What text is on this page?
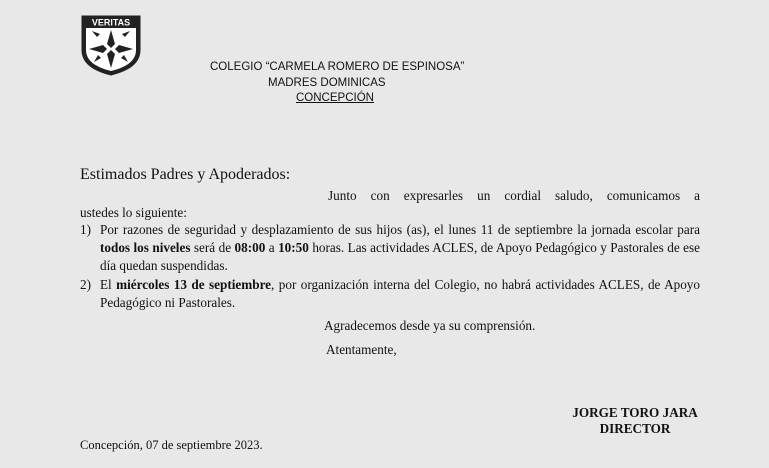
VERITAS
COLEGIO “CARMELA ROMERO DE ESPINOSA”
MADRES DOMINICAS
CONCEPCIÓN
Estimados Padres y Apoderados:
Junto con expresarles un cordial saludo, comunicamos a
ustedes lo siguiente:
1) Por razones de seguridad y desplazamiento de sus hijos (as), el lunes 11 de septiembre la jornada escolar para todos los niveles será de 08:00 a 10:50 horas. Las actividades ACLES, de Apoyo Pedagógico y Pastorales de ese día quedan suspendidas.
2) El miércoles 13 de septiembre, por organización interna del Colegio, no habrá actividades ACLES, de Apoyo Pedagógico ni Pastorales.
Agradecemos desde ya su comprensión.
Atentamente,
JORGE TORO JARA
DIRECTOR
Concepción, 07 de septiembre 2023.
